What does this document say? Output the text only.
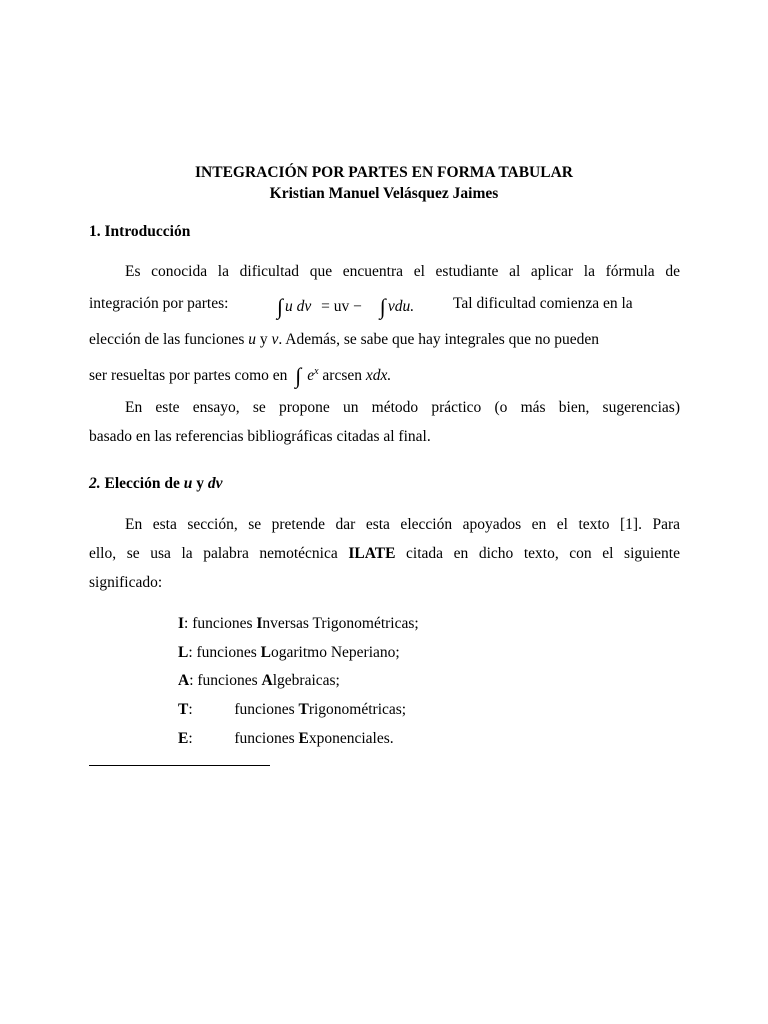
INTEGRACIÓN POR PARTES EN FORMA TABULAR
Kristian Manuel Velásquez Jaimes
1. Introducción
Es conocida la dificultad que encuentra el estudiante al aplicar la fórmula de
integración por partes: ∫ u dv = uv − ∫ vdu.	Tal dificultad comienza en la
elección de las funciones u y v. Además, se sabe que hay integrales que no pueden
ser resueltas por partes como en ∫ $e^x$ arcsen xdx.
En este ensayo, se propone un método práctico (o más bien, sugerencias)
basado en las referencias bibliográficas citadas al final.
2. Elección de u y dv
En esta sección, se pretende dar esta elección apoyados en el texto [1]. Para
ello, se usa la palabra nemotécnica ILATE citada en dicho texto, con el siguiente
significado:
I: funciones Inversas Trigonométricas;
L: funciones Logaritmo Neperiano;
A: funciones Algebraicas;
T:	funciones Trigonométricas;
E:	funciones Exponenciales.
